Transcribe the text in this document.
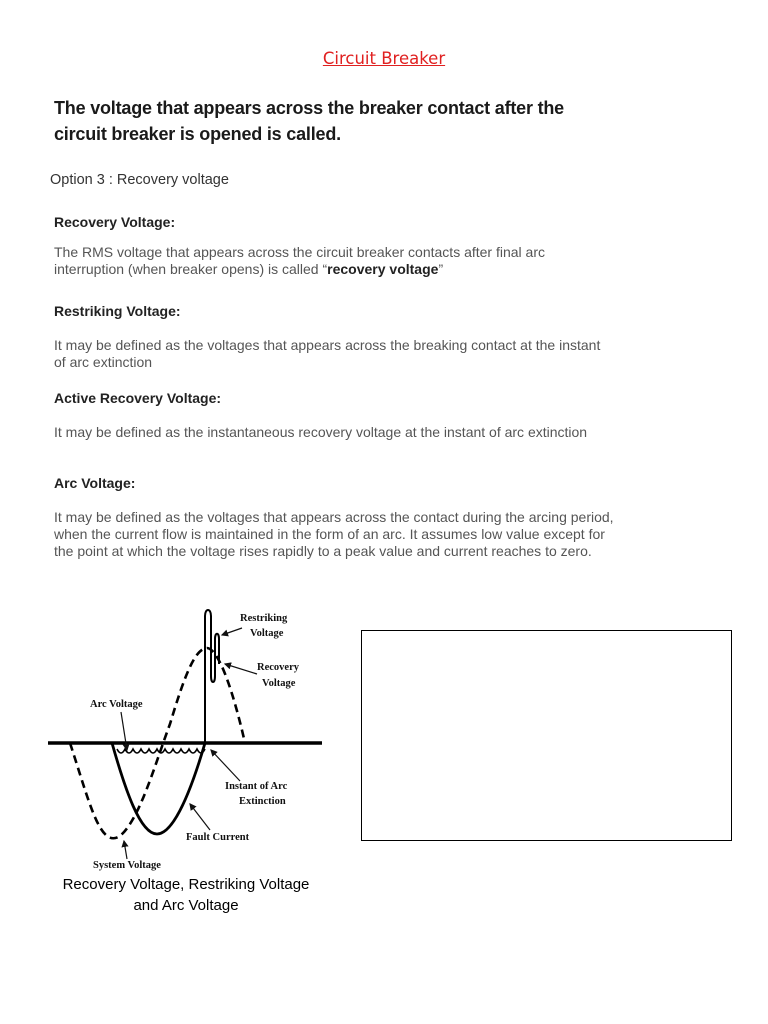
Circuit Breaker
The voltage that appears across the breaker contact after the circuit breaker is opened is called.
Option 3 : Recovery voltage

Recovery Voltage:

The RMS voltage that appears across the circuit breaker contacts after final arc interruption (when breaker opens) is called “recovery voltage”

Restriking Voltage:

It may be defined as the voltages that appears across the breaking contact at the instant of arc extinction

Active Recovery Voltage:

It may be defined as the instantaneous recovery voltage at the instant of arc extinction

Arc Voltage:

It may be defined as the voltages that appears across the contact during the arcing period, when the current flow is maintained in the form of an arc. It assumes low value except for the point at which the voltage rises rapidly to a peak value and current reaches to zero.

Restriking
Voltage
Recovery
Voltage
Arc Voltage
Instant of Arc
Extinction
Fault Current
System Voltage
Recovery Voltage, Restriking Voltage
and Arc Voltage
